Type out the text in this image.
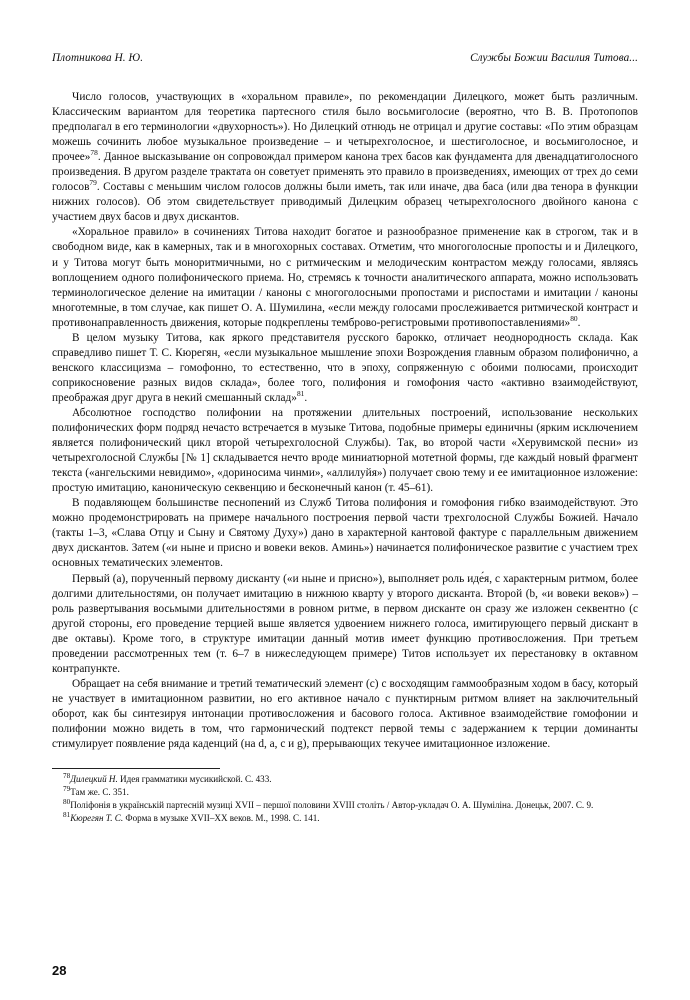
Плотникова Н. Ю.	Службы Божии Василия Титова...

Число голосов, участвующих в «хоральном правиле», по рекомендации Дилецкого, может быть различным. Классическим вариантом для теоретика партесного стиля было восьмиголосие (вероятно, что В. В. Протопопов предполагал в его терминологии «двухорность»). Но Дилецкий отнюдь не отрицал и другие составы: «По этим образцам можешь сочинить любое музыкальное произведение – и четырехголосное, и шестиголосное, и восьмиголосное, и прочее»$^{78}$. Данное высказывание он сопровождал примером канона трех басов как фундамента для двенадцатиголосного произведения. В другом разделе трактата он советует применять это правило в произведениях, имеющих от трех до семи голосов$^{79}$. Составы с меньшим числом голосов должны были иметь, так или иначе, два баса (или два тенора в функции нижних голосов). Об этом свидетельствует приводимый Дилецким образец четырехголосного двойного канона с участием двух басов и двух дискантов.

«Хоральное правило» в сочинениях Титова находит богатое и разнообразное применение как в строгом, так и в свободном виде, как в камерных, так и в многохорных составах. Отметим, что многоголосные пропосты и и Дилецкого, и у Титова могут быть монoритмичными, но с ритмическим и мелодическим контрастом между голосами, являясь воплощением одного полифонического приема. Но, стремясь к точности аналитического аппарата, можно использовать терминологическое деление на имитации / каноны с многоголосными пропостами и риспостами и имитации / каноны многотемные, в том случае, как пишет О. А. Шумилина, «если между голосами прослеживается ритмической контраст и противонаправленность движения, которые подкреплены темброво-регистровыми противопоставлениями»$^{80}$.

В целом музыку Титова, как яркого представителя русского барокко, отличает неоднородность склада. Как справедливо пишет Т. С. Кюрегян, «если музыкальное мышление эпохи Возрождения главным образом полифонично, а венского классицизма – гомофонно, то естественно, что в эпоху, сопряженную с обоими полюсами, происходит соприкосновение разных видов склада», более того, полифония и гомофония часто «активно взаимодействуют, преображая друг друга в некий смешанный склад»$^{81}$.

Абсолютное господство полифонии на протяжении длительных построений, использование нескольких полифонических форм подряд нечасто встречается в музыке Титова, подобные примеры единичны (ярким исключением является полифонический цикл второй четырехголосной Службы). Так, во второй части «Херувимской песни» из четырехголосной Службы [№ 1] складывается нечто вроде миниатюрной мотетной формы, где каждый новый фрагмент текста («ангельскими невидимо», «дориносима чинми», «аллилуйя») получает свою тему и ее имитационное изложение: простую имитацию, каноническую секвенцию и бесконечный канон (т. 45–61).

В подавляющем большинстве песнопений из Служб Титова полифония и гомофония гибко взаимодействуют. Это можно продемонстрировать на примере начального построения первой части трехголосной Службы Божией. Начало (такты 1–3, «Слава Отцу и Сыну и Святому Духу») дано в характерной кантовой фактуре с параллельным движением двух дискантов. Затем («и ныне и присно и вовеки веков. Аминь») начинается полифоническое развитие с участием трех основных тематических элементов.

Первый (a), порученный первому дисканту («и ныне и присно»), выполняет роль иде́я, с характерным ритмом, более долгими длительностями, он получает имитацию в нижнюю кварту у второго дисканта. Второй (b, «и вовеки веков») – роль развертывания восьмыми длительностями в ровном ритме, в первом дисканте он сразу же изложен секвентно (с другой стороны, его проведение терцией выше является удвоением нижнего голоса, имитирующего первый дискант в две октавы). Кроме того, в структуре имитации данный мотив имеет функцию противосложения. При третьем проведении рассмотренных тем (т. 6–7 в нижеследующем примере) Титов использует их перестановку в октавном контрапункте.

Обращает на себя внимание и третий тематический элемент (c) с восходящим гаммообразным ходом в басу, который не участвует в имитационном развитии, но его активное начало с пунктирным ритмом влияет на заключительный оборот, как бы синтезируя интонации противосложения и басового голоса. Активное взаимодействие гомофонии и полифонии можно видеть в том, что гармонический подтекст первой темы с задержанием к терции доминанты стимулирует появление ряда каденций (на d, a, c и g), прерывающих текучее имитационное изложение.

$^{78}$Дилецкий Н. Идея грамматики мусикийской. С. 433.

$^{79}$Там же. С. 351.

$^{80}$Поліфонія в українській партесній музиці XVII – першої половини XVIII століть / Автор-укладач О. А. Шуміліна. Донецьк, 2007. С. 9.

$^{81}$Кюрегян Т. С. Форма в музыке XVII–XX веков. М., 1998. С. 141.

28
